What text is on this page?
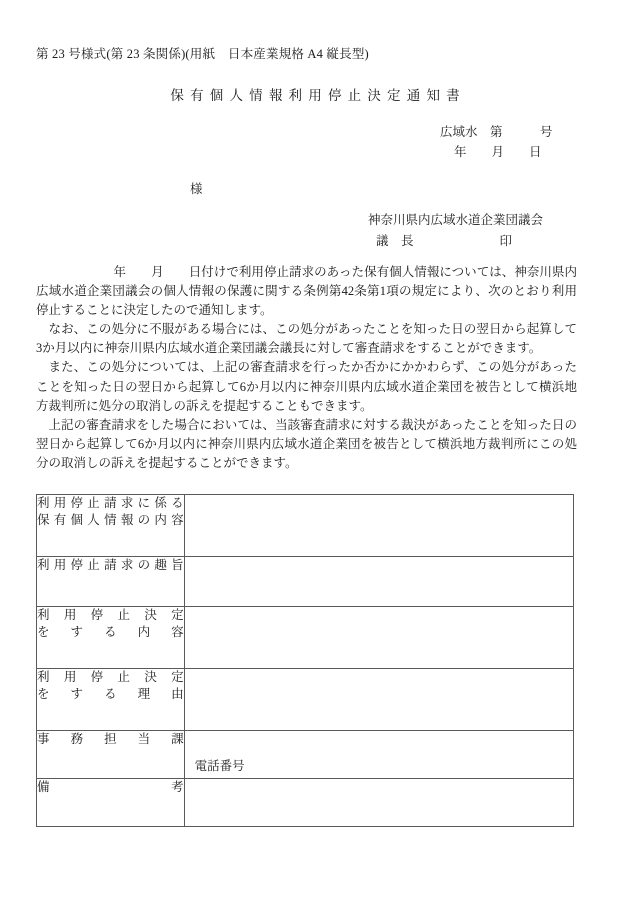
第 23 号様式(第 23 条関係)(用紙　日本産業規格 A4 縦長型)
保有個人情報利用停止決定通知書
広域水　第　　　号
年　　月　　日
様
神奈川県内広域水道企業団議会
議　長	印

年　　月　　日付けで利用停止請求のあった保有個人情報については、神奈川県内広域水道企業団議会の個人情報の保護に関する条例第42条第1項の規定により、次のとおり利用停止することに決定したので通知します。

なお、この処分に不服がある場合には、この処分があったことを知った日の翌日から起算して3か月以内に神奈川県内広域水道企業団議会議長に対して審査請求をすることができます。

また、この処分については、上記の審査請求を行ったか否かにかかわらず、この処分があったことを知った日の翌日から起算して6か月以内に神奈川県内広域水道企業団を被告として横浜地方裁判所に処分の取消しの訴えを提起することもできます。

上記の審査請求をした場合においては、当該審査請求に対する裁決があったことを知った日の翌日から起算して6か月以内に神奈川県内広域水道企業団を被告として横浜地方裁判所にこの処分の取消しの訴えを提起することができます。

利用停止請求に係る
保有個人情報の内容	

利用停止請求の趣旨	

利用停止決定
をする内容	

利用停止決定
をする理由	

事務担当課	電話番号

備考	
